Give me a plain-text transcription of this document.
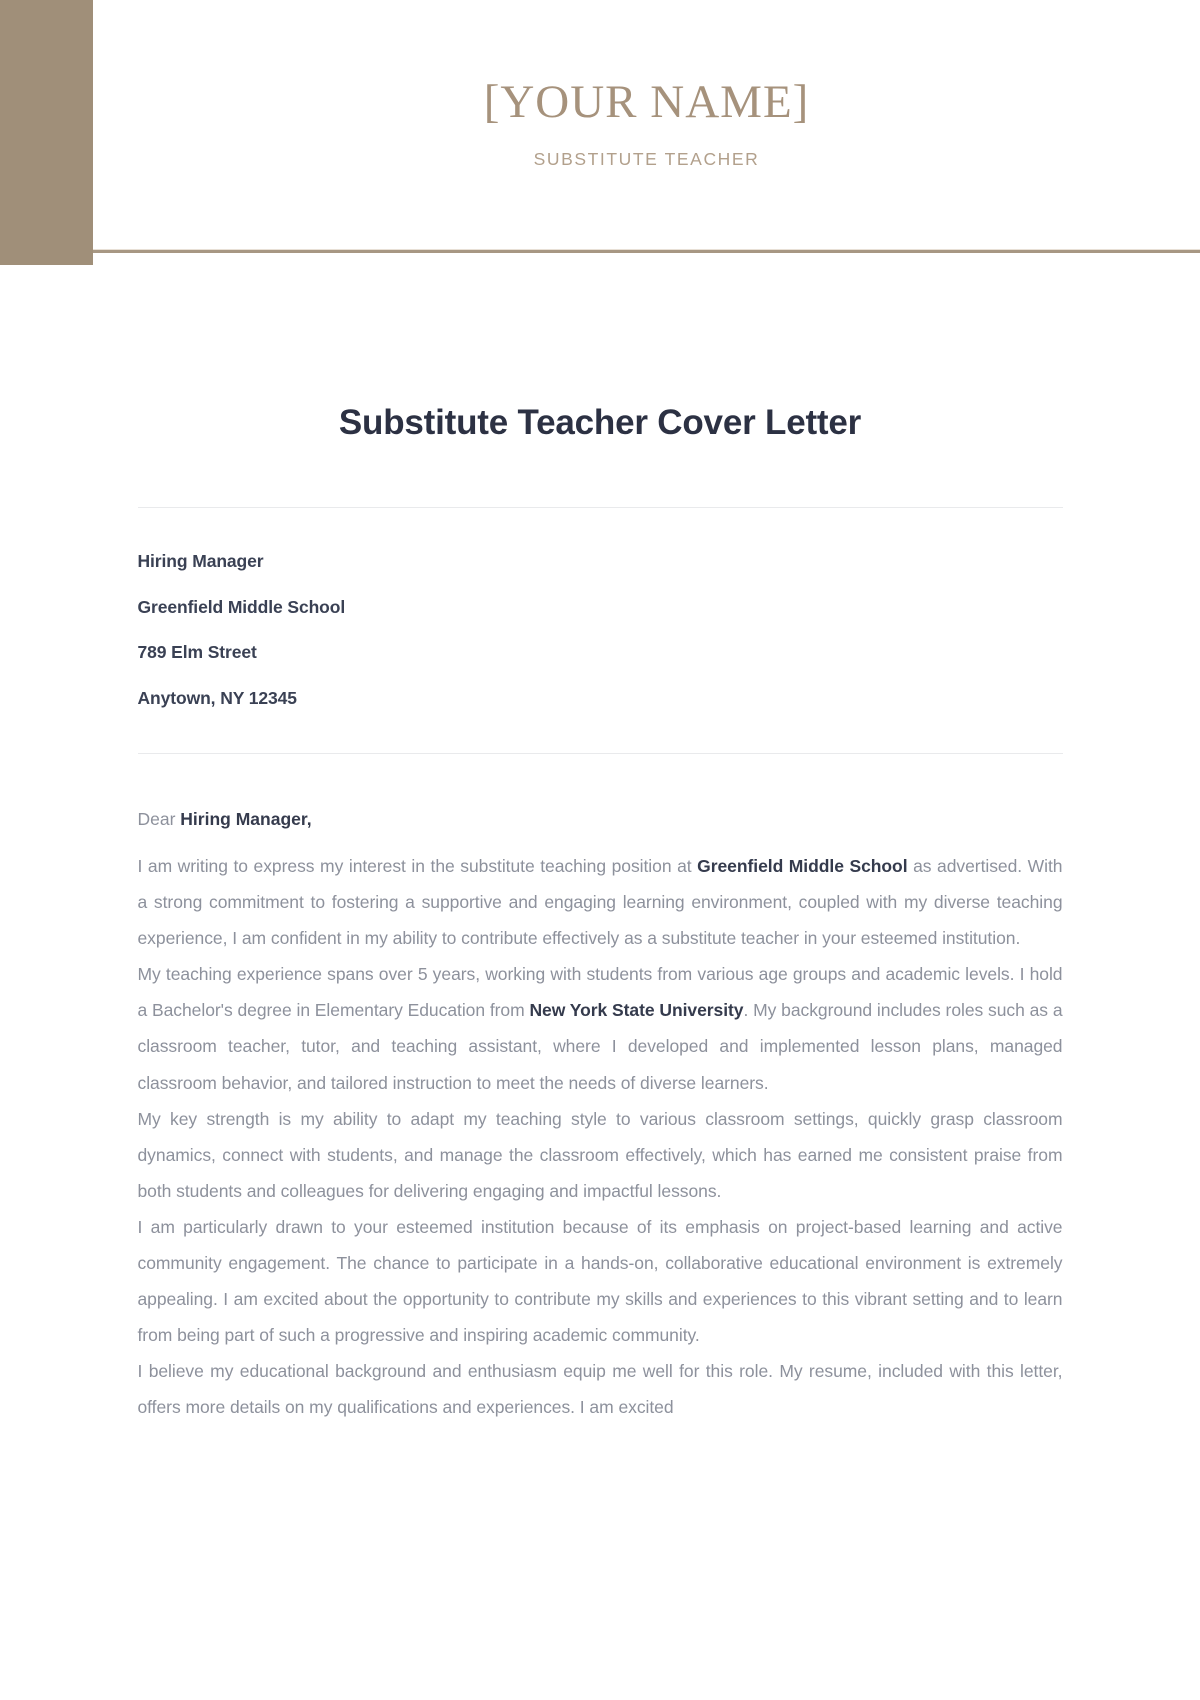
[YOUR NAME]
SUBSTITUTE TEACHER
Substitute Teacher Cover Letter
Hiring Manager
Greenfield Middle School
789 Elm Street
Anytown, NY 12345
Dear Hiring Manager,
I am writing to express my interest in the substitute teaching position at Greenfield Middle School as advertised. With a strong commitment to fostering a supportive and engaging learning environment, coupled with my diverse teaching experience, I am confident in my ability to contribute effectively as a substitute teacher in your esteemed institution.
My teaching experience spans over 5 years, working with students from various age groups and academic levels. I hold a Bachelor's degree in Elementary Education from New York State University. My background includes roles such as a classroom teacher, tutor, and teaching assistant, where I developed and implemented lesson plans, managed classroom behavior, and tailored instruction to meet the needs of diverse learners.
My key strength is my ability to adapt my teaching style to various classroom settings, quickly grasp classroom dynamics, connect with students, and manage the classroom effectively, which has earned me consistent praise from both students and colleagues for delivering engaging and impactful lessons.
I am particularly drawn to your esteemed institution because of its emphasis on project-based learning and active community engagement. The chance to participate in a hands-on, collaborative educational environment is extremely appealing. I am excited about the opportunity to contribute my skills and experiences to this vibrant setting and to learn from being part of such a progressive and inspiring academic community.
I believe my educational background and enthusiasm equip me well for this role. My resume, included with this letter, offers more details on my qualifications and experiences. I am excited
